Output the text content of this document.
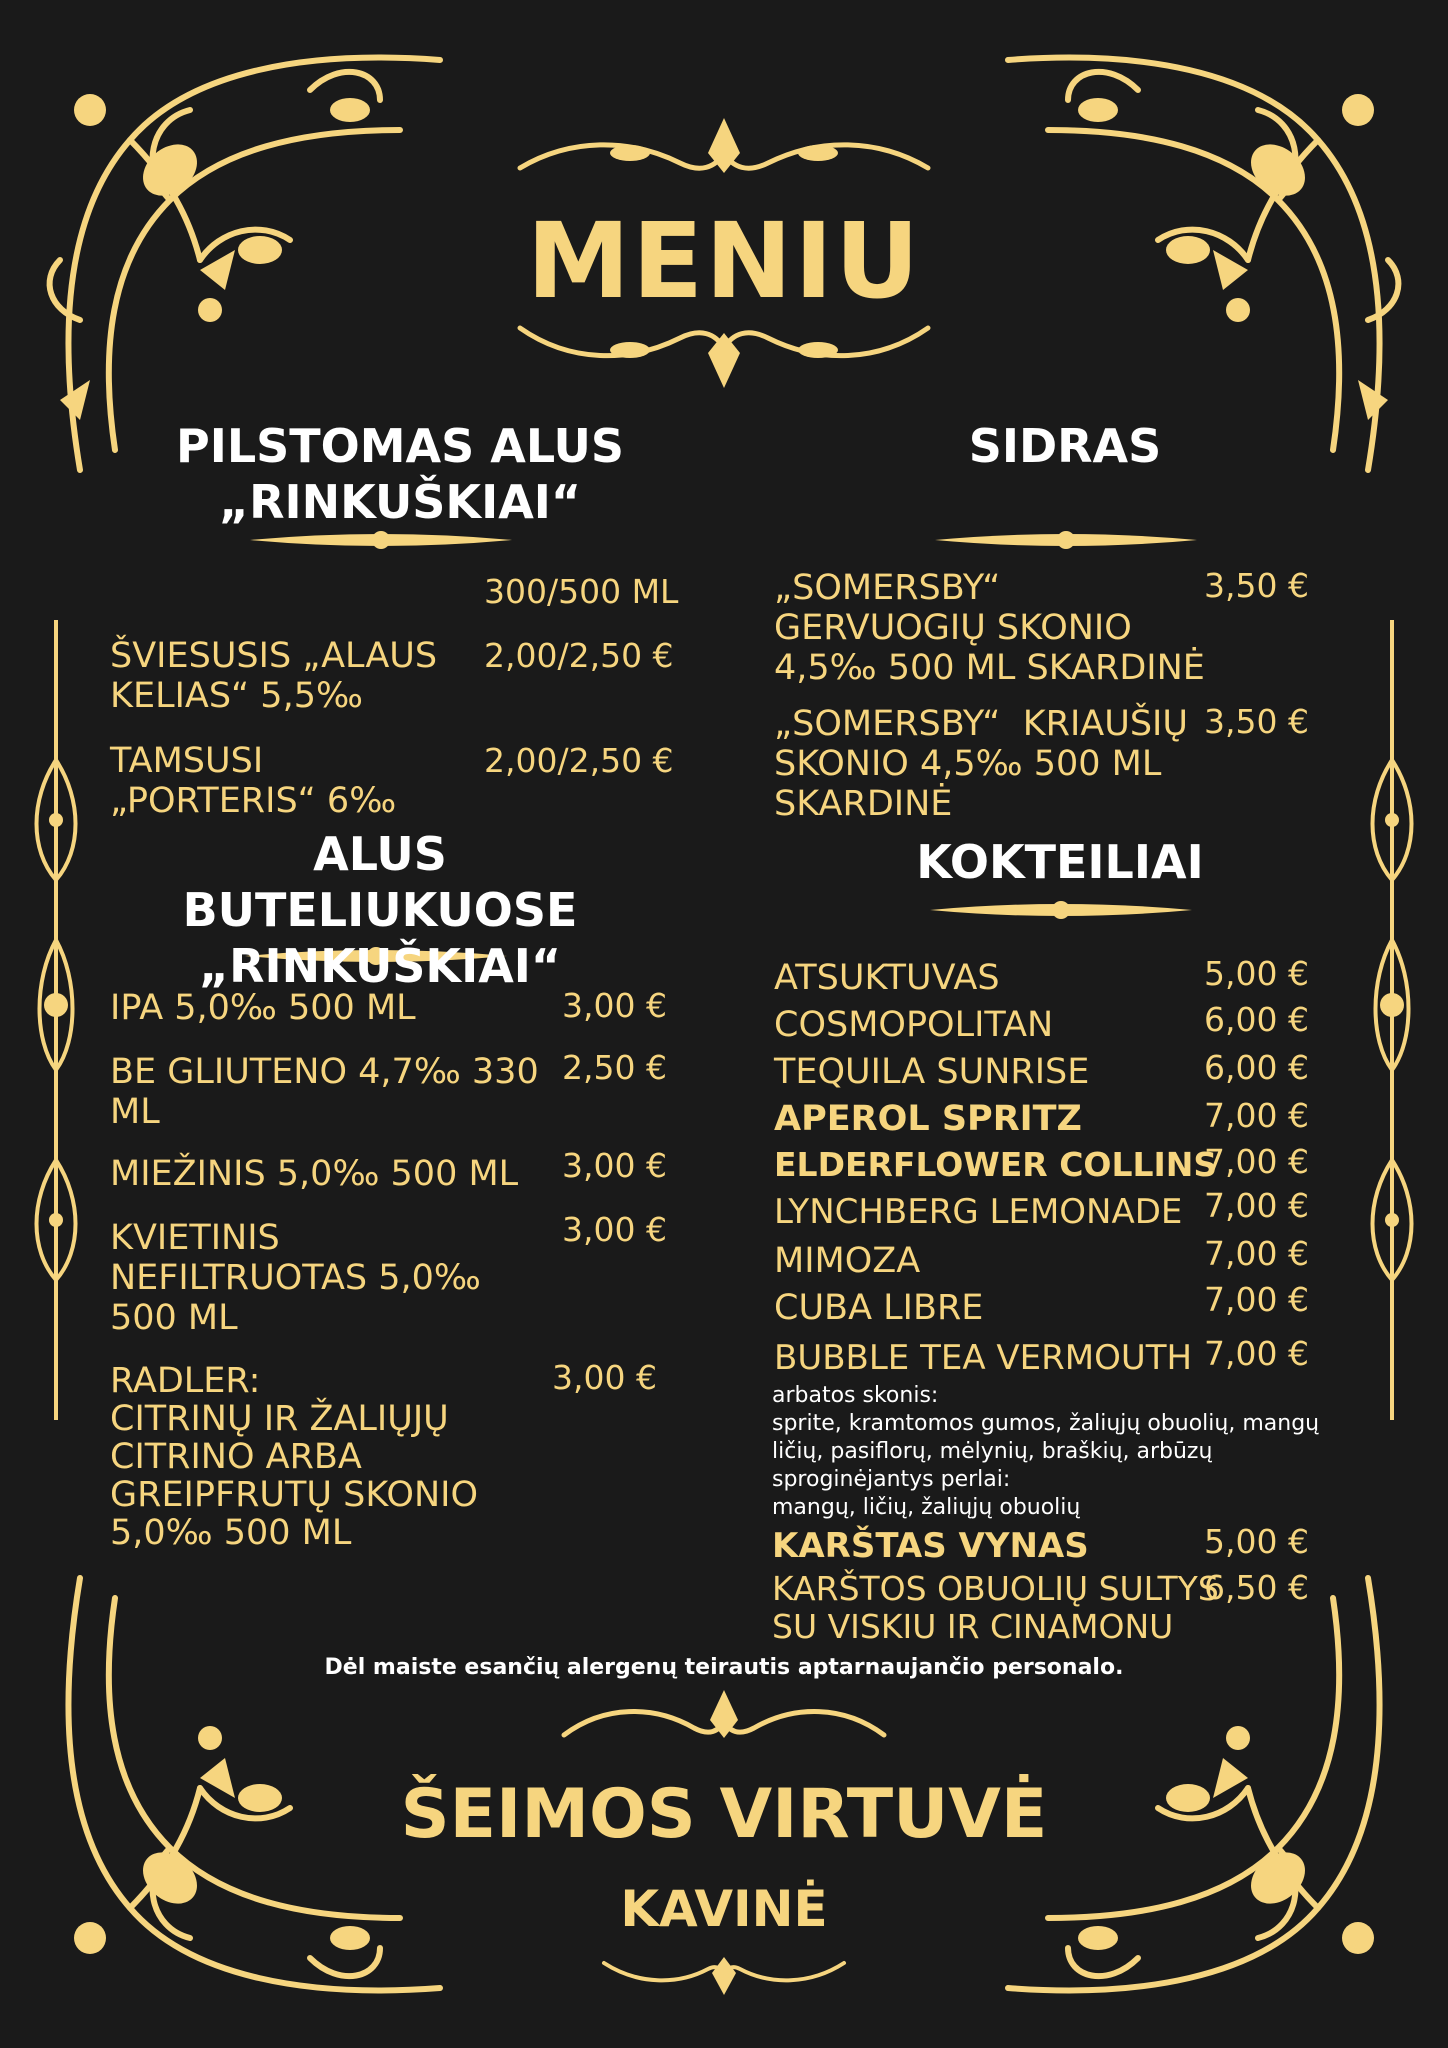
MENIU
PILSTOMAS ALUS
„RINKUŠKIAI“
300/500 ML
ŠVIESUSIS „ALAUS
KELIAS“ 5,5‰
2,00/2,50 €
TAMSUSI
„PORTERIS“ 6‰
2,00/2,50 €
ALUS BUTELIUKUOSE
„RINKUŠKIAI“
IPA 5,0‰ 500 ML	3,00 €
BE GLIUTENO 4,7‰ 330
ML
2,50 €
MIEŽINIS 5,0‰ 500 ML 3,00 €
KVIETINIS
NEFILTRUOTAS 5,0‰
500 ML
3,00 €
RADLER:
CITRINŲ IR ŽALIŲJŲ
CITRINO ARBA
GREIPFRUTŲ SKONIO
5,0‰ 500 ML
3,00 €
SIDRAS
„SOMERSBY“
GERVUOGIŲ SKONIO
4,5‰ 500 ML SKARDINĖ
3,50 €
„SOMERSBY“  KRIAUŠIŲ
SKONIO 4,5‰ 500 ML
SKARDINĖ
3,50 €
KOKTEILIAI
ATSUKTUVAS	5,00 €
COSMOPOLITAN	6,00 €
TEQUILA SUNRISE	6,00 €
APEROL SPRITZ	7,00 €
ELDERFLOWER COLLINS
7,00 €
LYNCHBERG LEMONADE 7,00 €
MIMOZA	7,00 €
CUBA LIBRE	7,00 €
BUBBLE TEA VERMOUTH 7,00 €
arbatos skonis:
sprite, kramtomos gumos, žaliųjų obuolių, mangų
ličių, pasiflorų, mėlynių, braškių, arbūzų
sproginėjantys perlai:
mangų, ličių, žaliųjų obuolių
KARŠTAS VYNAS	5,00 €
KARŠTOS OBUOLIŲ SULTYS
SU VISKIU IR CINAMONU
6,50 €
Dėl maiste esančių alergenų teirautis aptarnaujančio personalo.
ŠEIMOS VIRTUVĖ
KAVINĖ
